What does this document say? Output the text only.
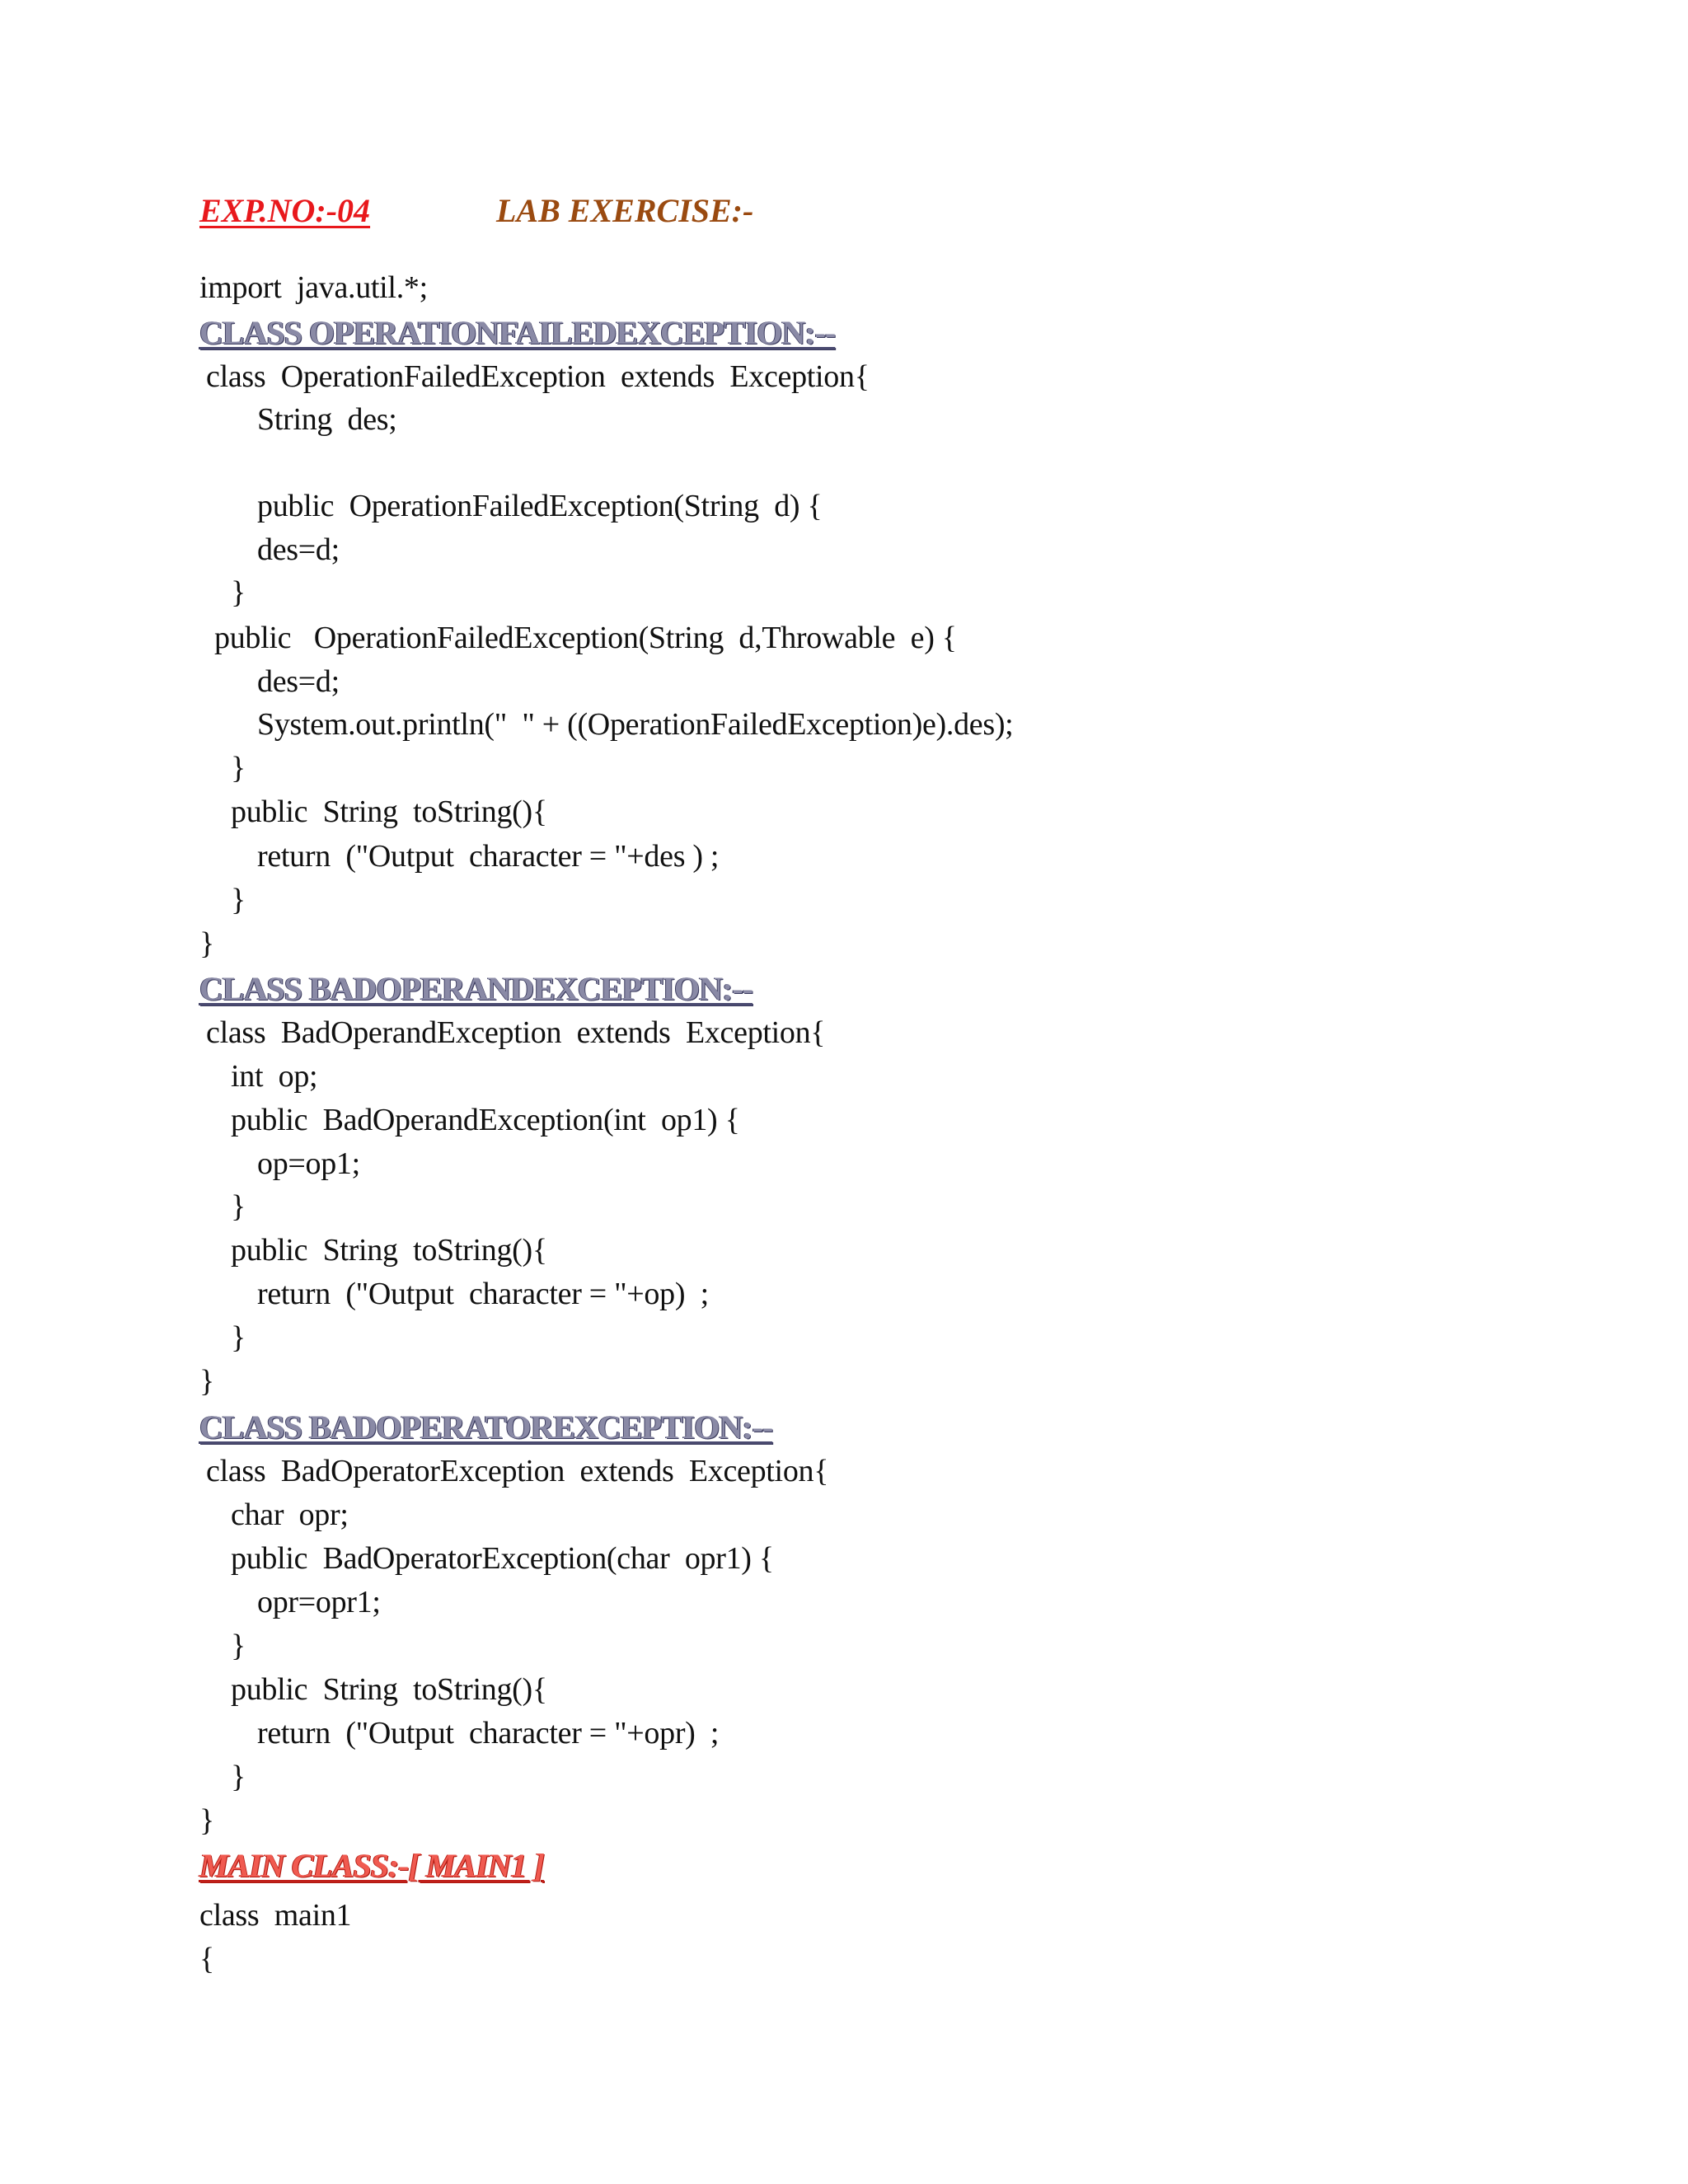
EXP.NO:-04	LAB EXERCISE:-
import  java.util.*;
CLASS OPERATIONFAILEDEXCEPTION:--
class  OperationFailedException  extends  Exception{
String  des;
public  OperationFailedException(String  d) {
des=d;
}
public   OperationFailedException(String  d,Throwable  e) {
des=d;
System.out.println("  " + ((OperationFailedException)e).des);
}
public  String  toString(){
return  ("Output  character = "+des ) ;
}
}
CLASS BADOPERANDEXCEPTION:--
class  BadOperandException  extends  Exception{
int  op;
public  BadOperandException(int  op1) {
op=op1;
}
public  String  toString(){
return  ("Output  character = "+op)  ;
}
}
CLASS BADOPERATOREXCEPTION:--
class  BadOperatorException  extends  Exception{
char  opr;
public  BadOperatorException(char  opr1) {
opr=opr1;
}
public  String  toString(){
return  ("Output  character = "+opr)  ;
}
}
MAIN CLASS:-[ MAIN1 ]
class  main1
{
